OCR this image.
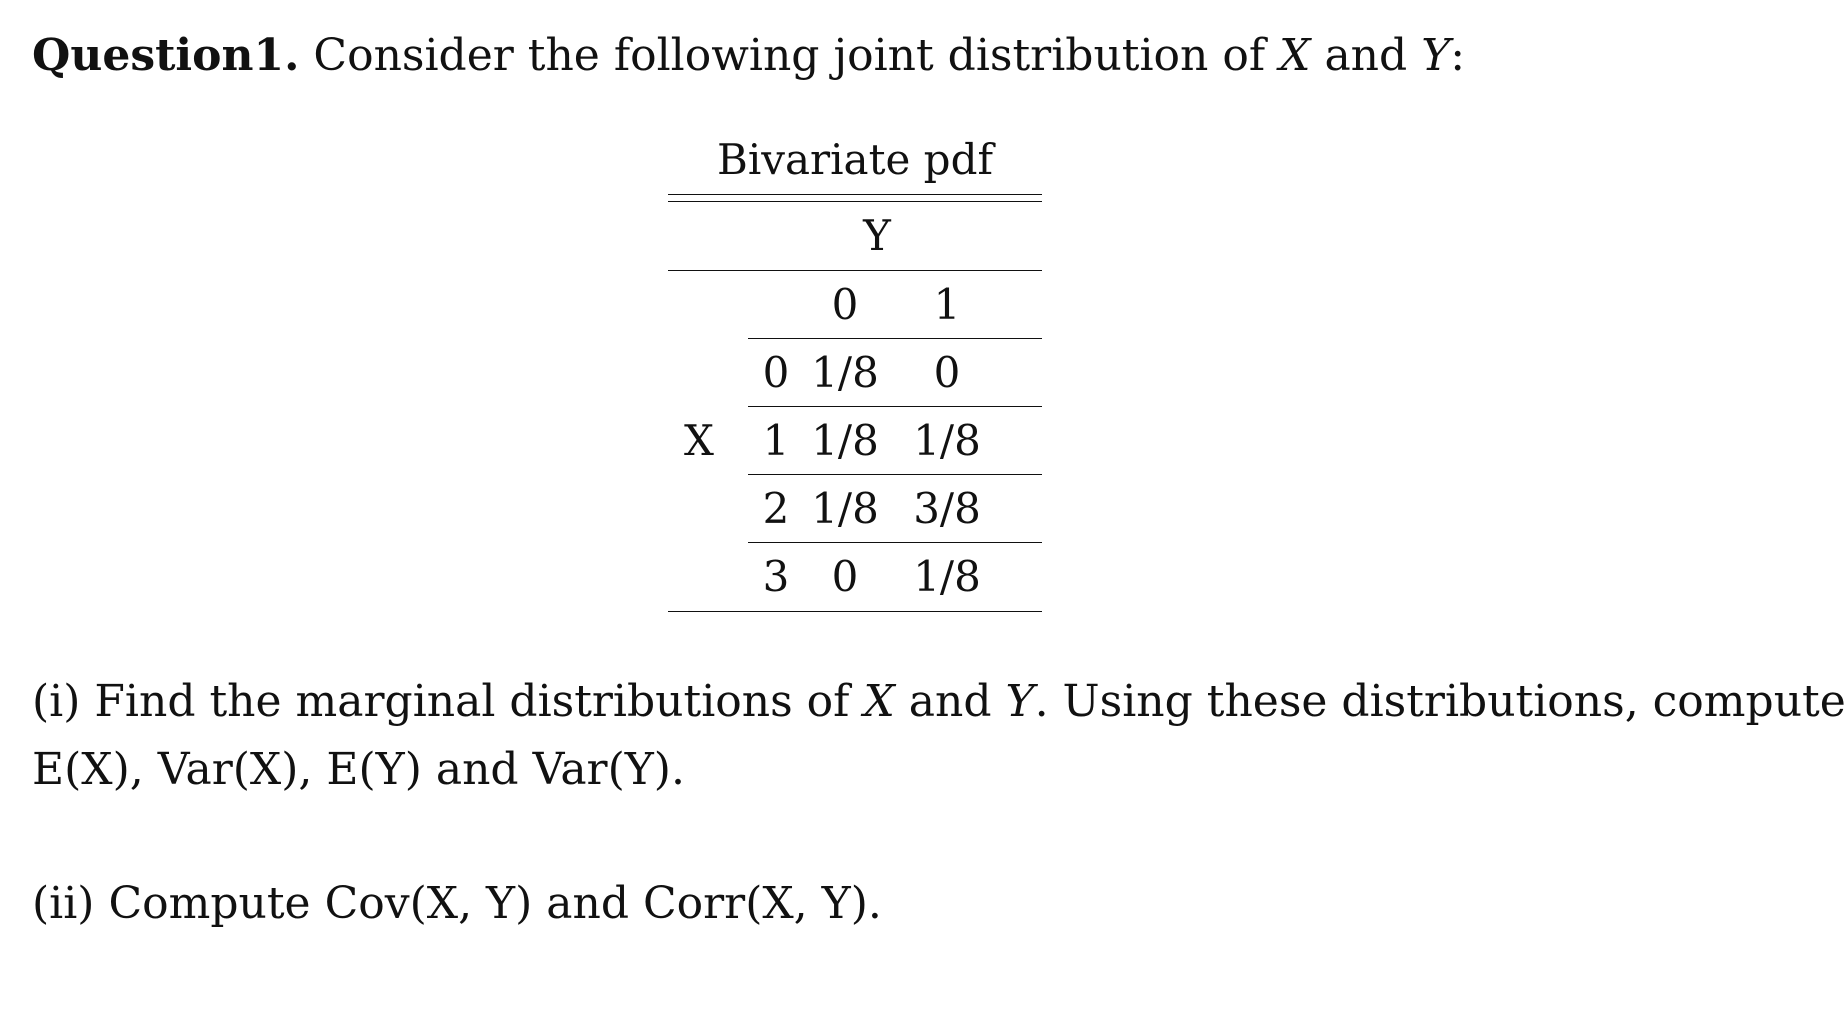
Question1. Consider the following joint distribution of X and Y:
Bivariate pdf
Y
0	1
0 1/8	0
X	1 1/8 1/8
2 1/8 3/8
3	0	1/8
(i) Find the marginal distributions of X and Y. Using these distributions, compute
E(X), Var(X), E(Y) and Var(Y).
(ii) Compute Cov(X, Y) and Corr(X, Y).
